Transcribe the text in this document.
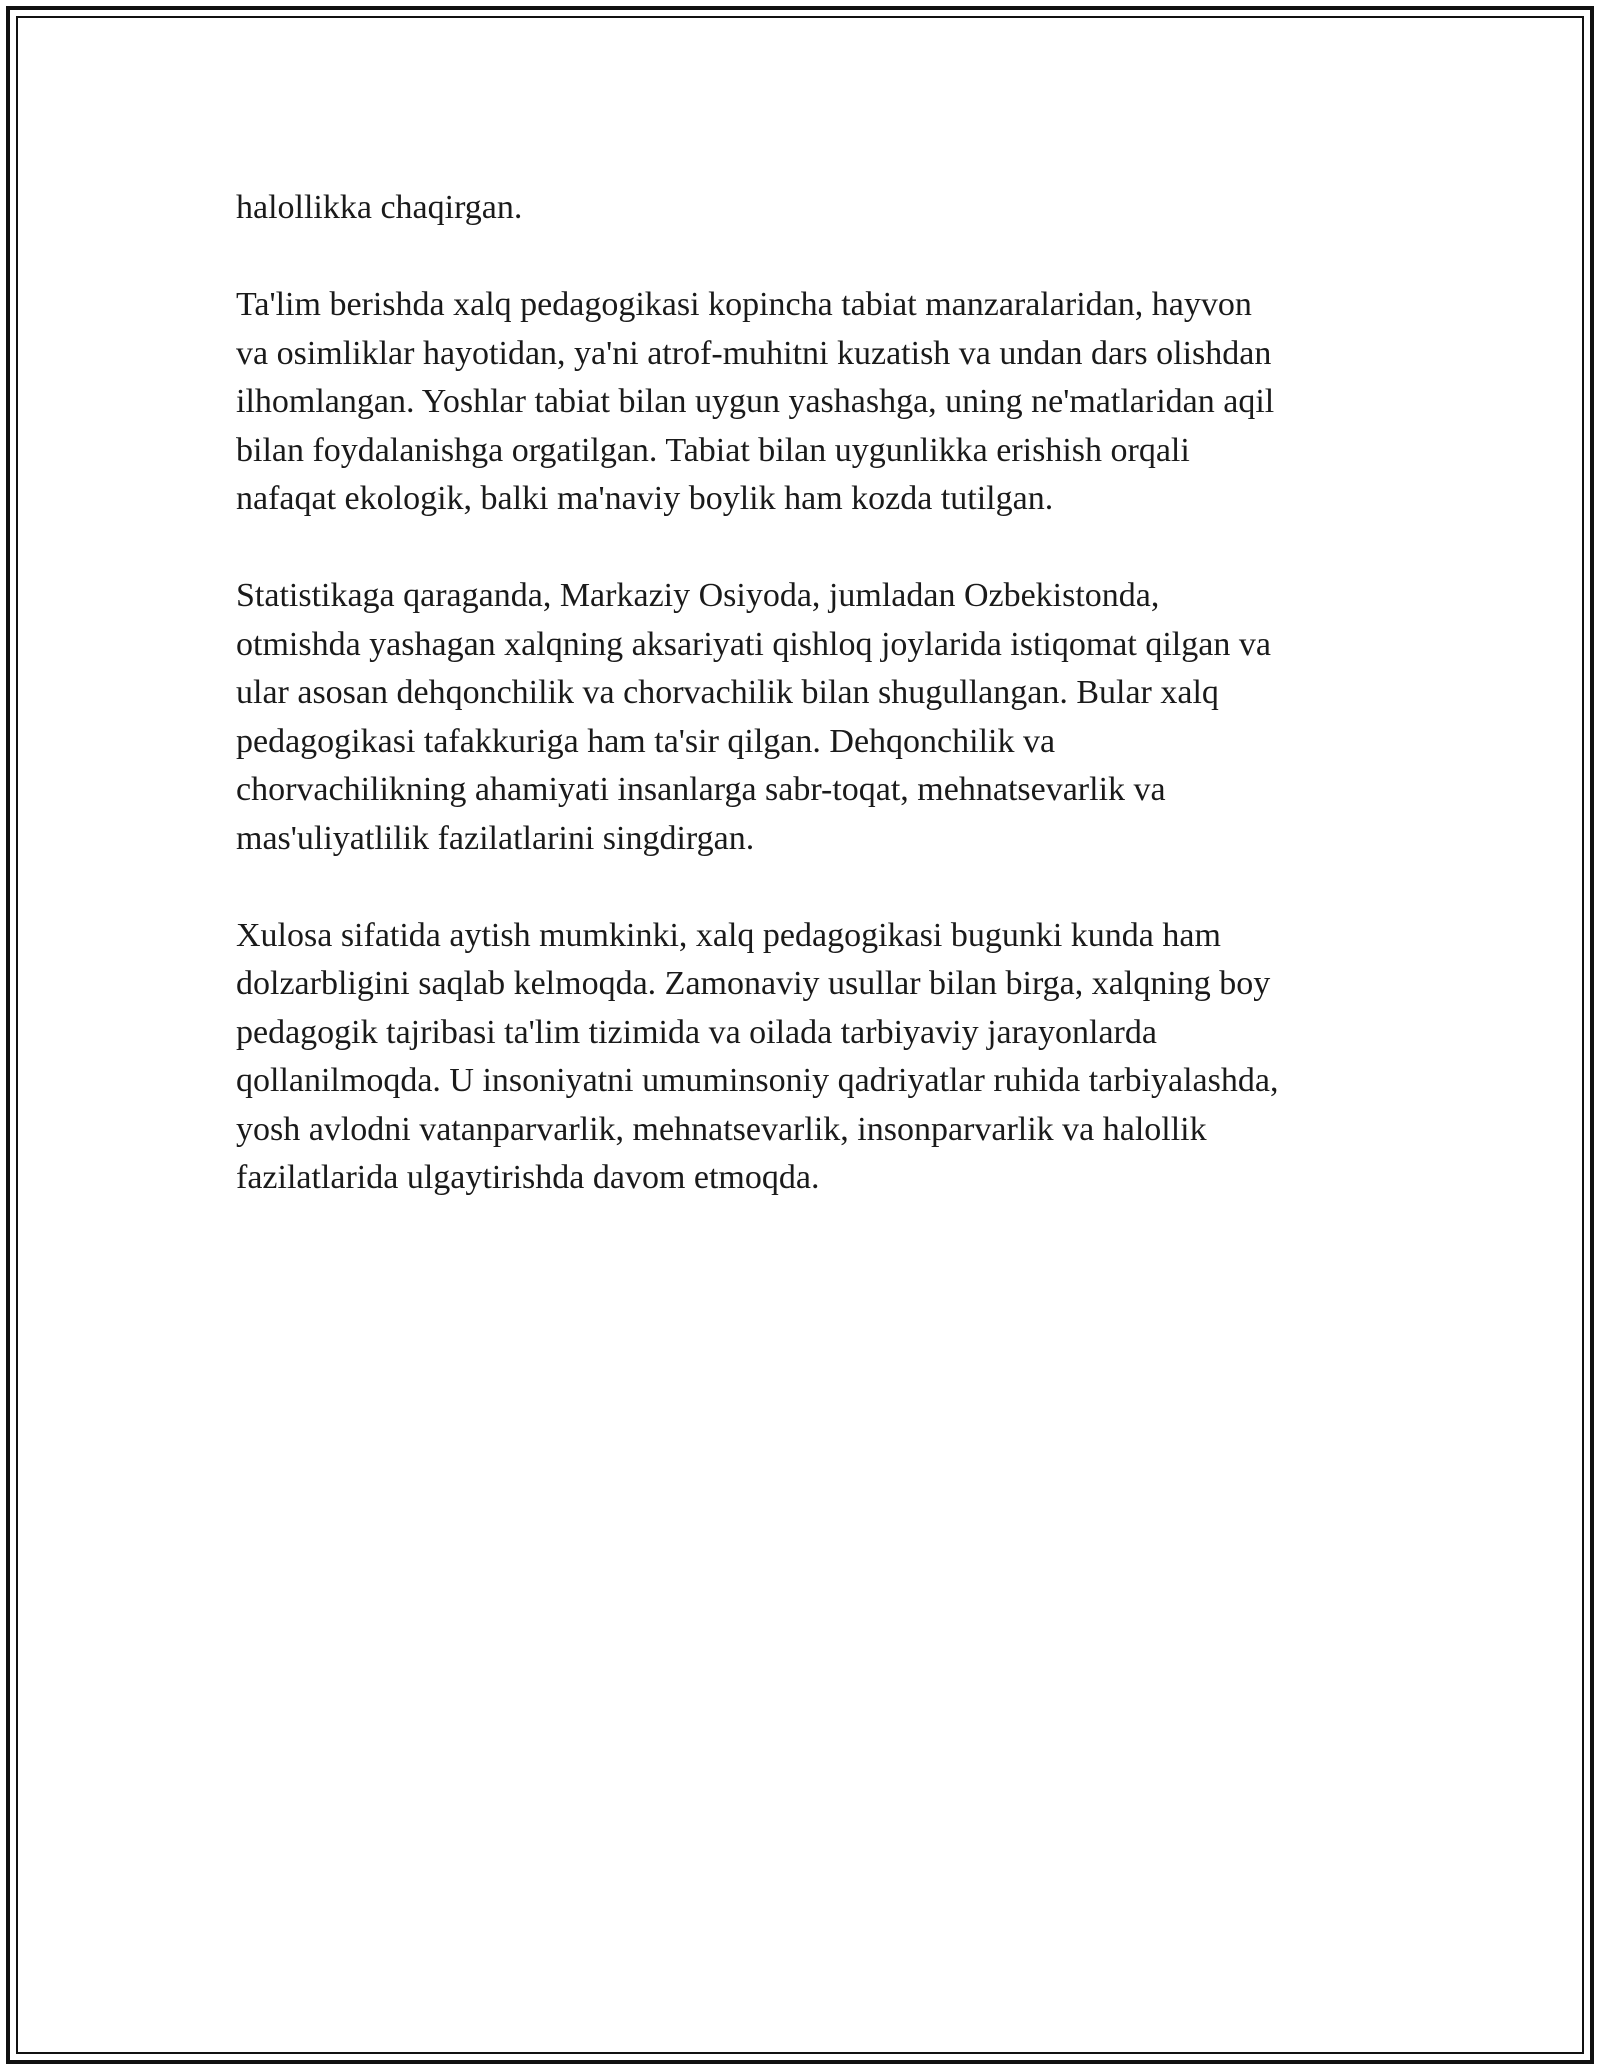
halollikka chaqirgan.

Ta'lim berishda xalq pedagogikasi kopincha tabiat manzaralaridan, hayvon
va osimliklar hayotidan, ya'ni atrof-muhitni kuzatish va undan dars olishdan
ilhomlangan. Yoshlar tabiat bilan uygun yashashga, uning ne'matlaridan aqil
bilan foydalanishga orgatilgan. Tabiat bilan uygunlikka erishish orqali
nafaqat ekologik, balki ma'naviy boylik ham kozda tutilgan.

Statistikaga qaraganda, Markaziy Osiyoda, jumladan Ozbekistonda,
otmishda yashagan xalqning aksariyati qishloq joylarida istiqomat qilgan va
ular asosan dehqonchilik va chorvachilik bilan shugullangan. Bular xalq
pedagogikasi tafakkuriga ham ta'sir qilgan. Dehqonchilik va
chorvachilikning ahamiyati insanlarga sabr-toqat, mehnatsevarlik va
mas'uliyatlilik fazilatlarini singdirgan.

Xulosa sifatida aytish mumkinki, xalq pedagogikasi bugunki kunda ham
dolzarbligini saqlab kelmoqda. Zamonaviy usullar bilan birga, xalqning boy
pedagogik tajribasi ta'lim tizimida va oilada tarbiyaviy jarayonlarda
qollanilmoqda. U insoniyatni umuminsoniy qadriyatlar ruhida tarbiyalashda,
yosh avlodni vatanparvarlik, mehnatsevarlik, insonparvarlik va halollik
fazilatlarida ulgaytirishda davom etmoqda.
